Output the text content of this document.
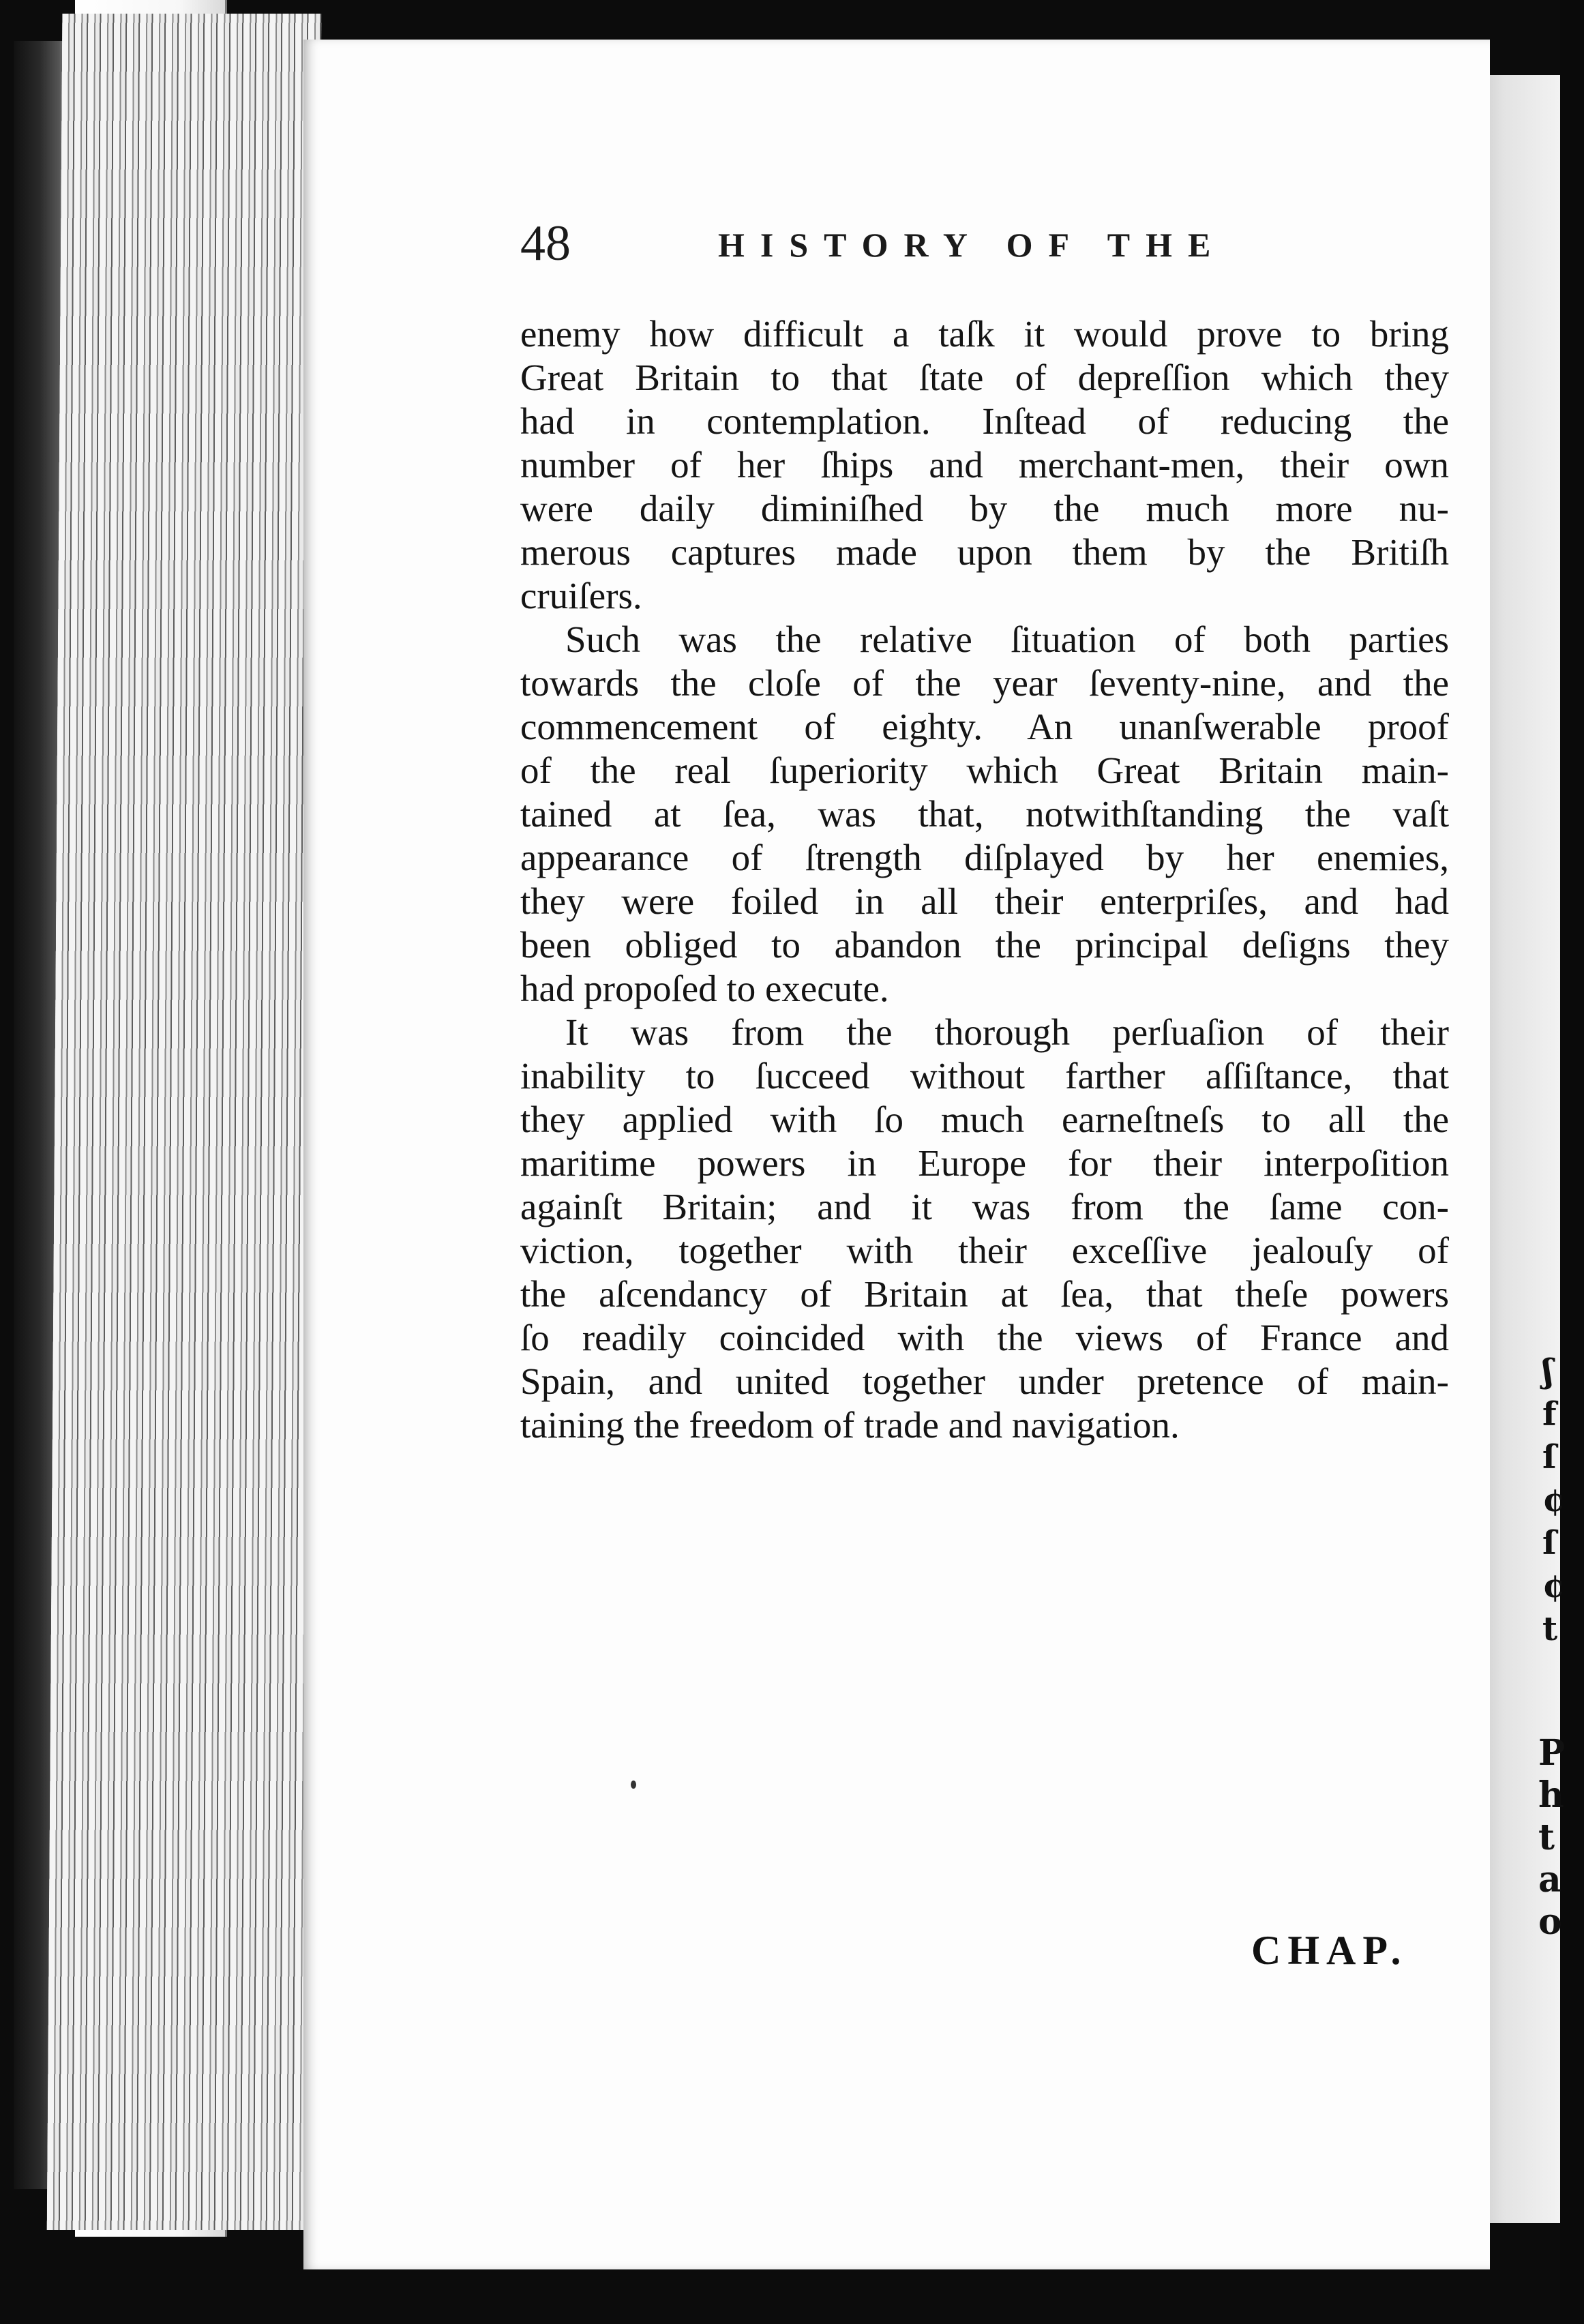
ʃ
f
ſ
¢
ſ
¢
t
P
h
t
a
o
48	HISTORY OF THE

enemy how difficult a taſk it would prove to bring
Great Britain to that ſtate of depreſſion which they
had in contemplation. Inſtead of reducing the
number of her ſhips and merchant-men, their own
were daily diminiſhed by the much more nu-
merous captures made upon them by the Britiſh
cruiſers.

Such was the relative ſituation of both parties
towards the cloſe of the year ſeventy-nine, and the
commencement of eighty. An unanſwerable proof
of the real ſuperiority which Great Britain main-
tained at ſea, was that, notwithſtanding the vaſt
appearance of ſtrength diſplayed by her enemies,
they were foiled in all their enterpriſes, and had
been obliged to abandon the principal deſigns they
had propoſed to execute.

It was from the thorough perſuaſion of their
inability to ſucceed without farther aſſiſtance, that
they applied with ſo much earneſtneſs to all the
maritime powers in Europe for their interpoſition
againſt Britain; and it was from the ſame con-
viction, together with their exceſſive jealouſy of
the aſcendancy of Britain at ſea, that theſe powers
ſo readily coincided with the views of France and
Spain, and united together under pretence of main-
taining the freedom of trade and navigation.

CHAP.
